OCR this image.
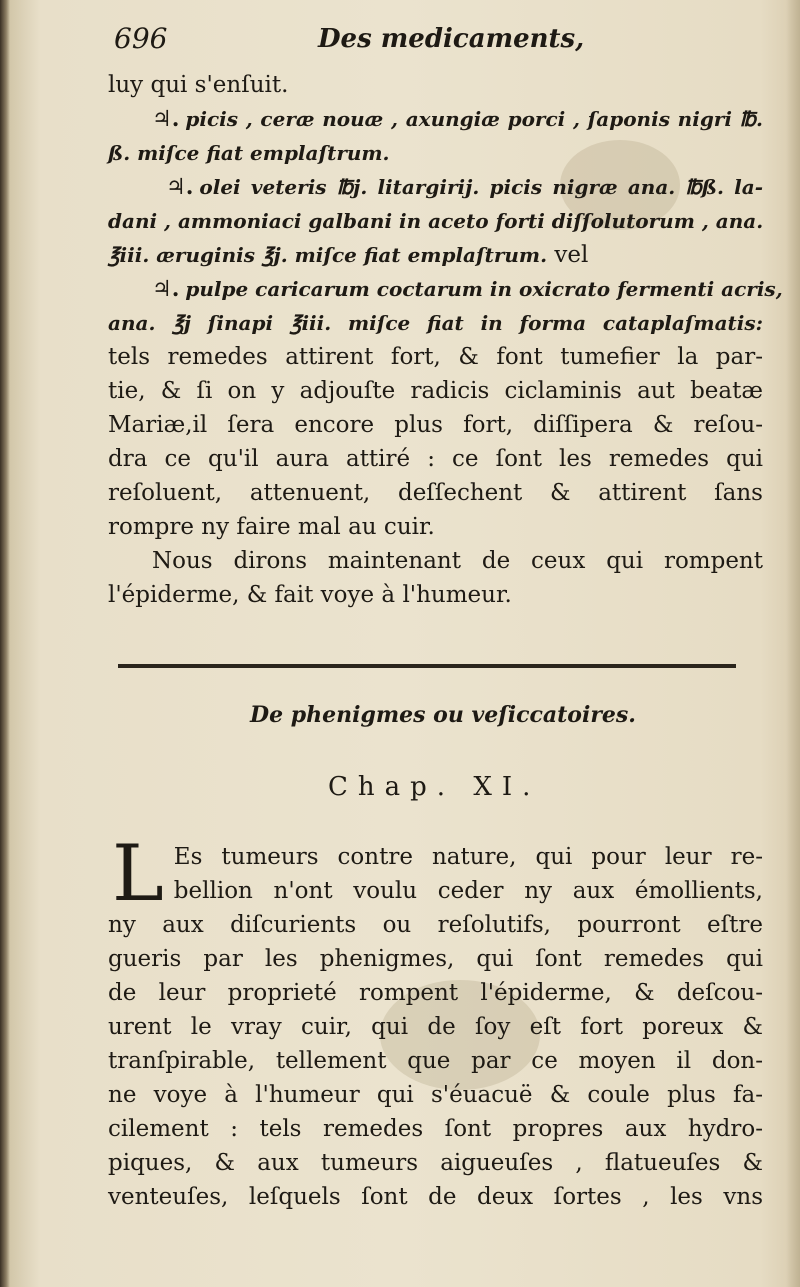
696	Des medicaments,
luy qui s'enſuit.
♃. picis , ceræ nouæ , axungiæ porci , ſaponis nigri ℔.
ß. miſce fiat emplaſtrum.
♃. olei veteris ℔j. litargirij. picis nigræ ana. ℔ß. la-
dani , ammoniaci galbani in aceto forti diſſolutorum , ana.
℥iii. æruginis ℥j. miſce fiat emplaſtrum. vel
♃. pulpe caricarum coctarum in oxicrato fermenti acris,
ana. ℥j ſinapi ℥iii. miſce fiat in forma cataplaſmatis:
tels remedes attirent fort, & font tumefier la par-
tie, & ſi on y adjouſte radicis ciclaminis aut beatæ
Mariæ,il ſera encore plus fort, diſſipera & reſou-
dra ce qu'il aura attiré : ce ſont les remedes qui
reſoluent, attenuent, deſſechent & attirent ſans
rompre ny faire mal au cuir.
Nous dirons maintenant de ceux qui rompent
l'épiderme, & fait voye à l'humeur.
De phenigmes ou veſiccatoires.
Chap. XI.
L Es tumeurs contre nature, qui pour leur re-
bellion n'ont voulu ceder ny aux émollients,
ny aux diſcurients ou reſolutifs, pourront eſtre
gueris par les phenigmes, qui ſont remedes qui
de leur proprieté rompent l'épiderme, & deſcou-
urent le vray cuir, qui de ſoy eſt fort poreux &
tranſpirable, tellement que par ce moyen il don-
ne voye à l'humeur qui s'éuacuë & coule plus fa-
cilement : tels remedes ſont propres aux hydro-
piques, & aux tumeurs aigueuſes , flatueuſes &
venteuſes, leſquels ſont de deux ſortes , les vns
